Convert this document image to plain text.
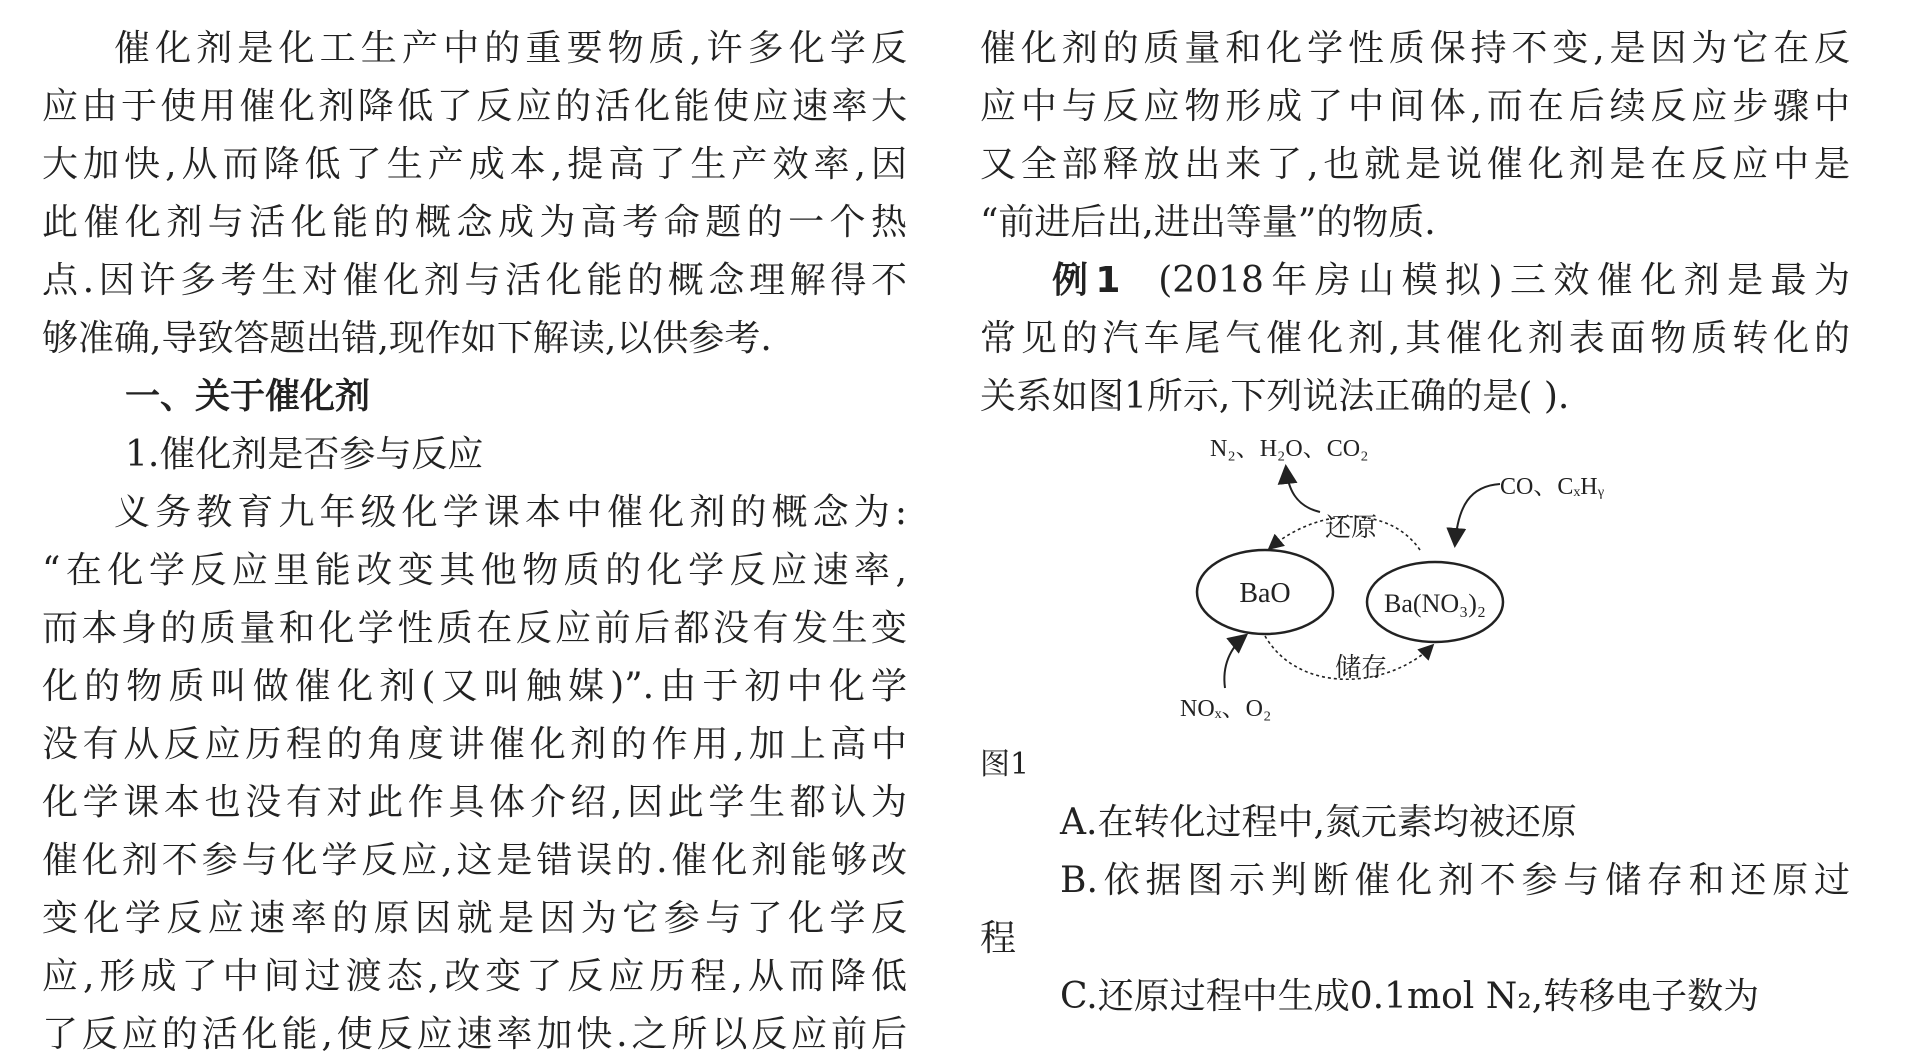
催化剂是化工生产中的重要物质,许多化学反

应由于使用催化剂降低了反应的活化能使应速率大

大加快,从而降低了生产成本,提高了生产效率,因

此催化剂与活化能的概念成为高考命题的一个热

点.因许多考生对催化剂与活化能的概念理解得不

够准确,导致答题出错,现作如下解读,以供参考.

一、关于催化剂

1.催化剂是否参与反应

义务教育九年级化学课本中催化剂的概念为:

“在化学反应里能改变其他物质的化学反应速率,

而本身的质量和化学性质在反应前后都没有发生变

化的物质叫做催化剂(又叫触媒)”.由于初中化学

没有从反应历程的角度讲催化剂的作用,加上高中

化学课本也没有对此作具体介绍,因此学生都认为

催化剂不参与化学反应,这是错误的.催化剂能够改

变化学反应速率的原因就是因为它参与了化学反

应,形成了中间过渡态,改变了反应历程,从而降低

了反应的活化能,使反应速率加快.之所以反应前后

催化剂的质量和化学性质保持不变,是因为它在反

应中与反应物形成了中间体,而在后续反应步骤中

又全部释放出来了,也就是说催化剂是在反应中是

“前进后出,进出等量”的物质.

例1 (2018年房山模拟)三效催化剂是最为

常见的汽车尾气催化剂,其催化剂表面物质转化的

关系如图1所示,下列说法正确的是( ).

N₂、H₂O、CO₂
CO、CₓHᵧ
还原
BaO	Ba(NO₃)₂
储存
NOₓ、O₂

图1

A.在转化过程中,氮元素均被还原

B.依据图示判断催化剂不参与储存和还原过

程

C.还原过程中生成0.1mol N₂,转移电子数为
